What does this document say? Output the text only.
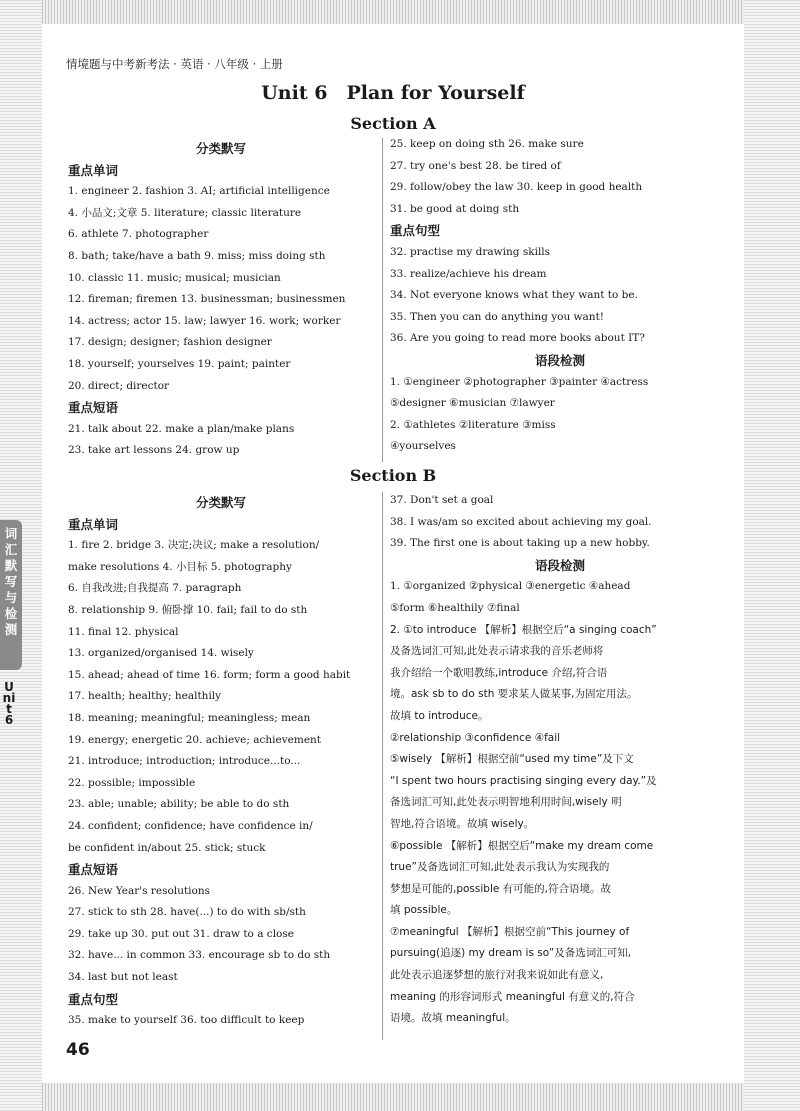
情境题与中考新考法 · 英语 · 八年级 · 上册
Unit 6　Plan for Yourself
Section A
分类默写
重点单词
1. engineer 2. fashion 3. AI; artificial intelligence
4. 小品文;文章 5. literature; classic literature
6. athlete 7. photographer
8. bath; take/have a bath 9. miss; miss doing sth
10. classic 11. music; musical; musician
12. fireman; firemen 13. businessman; businessmen
14. actress; actor 15. law; lawyer 16. work; worker
17. design; designer; fashion designer
18. yourself; yourselves 19. paint; painter
20. direct; director
重点短语
21. talk about 22. make a plan/make plans
23. take art lessons 24. grow up
25. keep on doing sth 26. make sure
27. try one's best 28. be tired of
29. follow/obey the law 30. keep in good health
31. be good at doing sth
重点句型
32. practise my drawing skills
33. realize/achieve his dream
34. Not everyone knows what they want to be.
35. Then you can do anything you want!
36. Are you going to read more books about IT?
语段检测
1. ①engineer ②photographer ③painter ④actress
⑤designer ⑥musician ⑦lawyer
2. ①athletes ②literature ③miss
④yourselves
Section B
分类默写
重点单词
1. fire 2. bridge 3. 决定;决议; make a resolution/
make resolutions 4. 小目标 5. photography
6. 自我改进;自我提高 7. paragraph
8. relationship 9. 俯卧撑 10. fail; fail to do sth
11. final 12. physical
13. organized/organised 14. wisely
15. ahead; ahead of time 16. form; form a good habit
17. health; healthy; healthily
18. meaning; meaningful; meaningless; mean
19. energy; energetic 20. achieve; achievement
21. introduce; introduction; introduce...to...
22. possible; impossible
23. able; unable; ability; be able to do sth
24. confident; confidence; have confidence in/
be confident in/about 25. stick; stuck
重点短语
26. New Year's resolutions
27. stick to sth 28. have(...) to do with sb/sth
29. take up 30. put out 31. draw to a close
32. have... in common 33. encourage sb to do sth
34. last but not least
重点句型
35. make to yourself 36. too difficult to keep
37. Don't set a goal
38. I was/am so excited about achieving my goal.
39. The first one is about taking up a new hobby.
语段检测
1. ①organized ②physical ③energetic ④ahead
⑤form ⑥healthily ⑦final
2. ①to introduce 【解析】根据空后“a singing coach”
及备选词汇可知,此处表示请求我的音乐老师将
我介绍给一个歌唱教练,introduce 介绍,符合语
境。ask sb to do sth 要求某人做某事,为固定用法。
故填 to introduce。
②relationship ③confidence ④fail
⑤wisely 【解析】根据空前“used my time”及下文
“I spent two hours practising singing every day.”及
备选词汇可知,此处表示明智地利用时间,wisely 明
智地,符合语境。故填 wisely。
⑥possible 【解析】根据空后“make my dream come
true”及备选词汇可知,此处表示我认为实现我的
梦想是可能的,possible 有可能的,符合语境。故
填 possible。
⑦meaningful 【解析】根据空前“This journey of
pursuing(追逐) my dream is so”及备选词汇可知,
此处表示追逐梦想的旅行对我来说如此有意义,
meaning 的形容词形式 meaningful 有意义的,符合
语境。故填 meaningful。
46
词汇默写与检测
Unit 6
